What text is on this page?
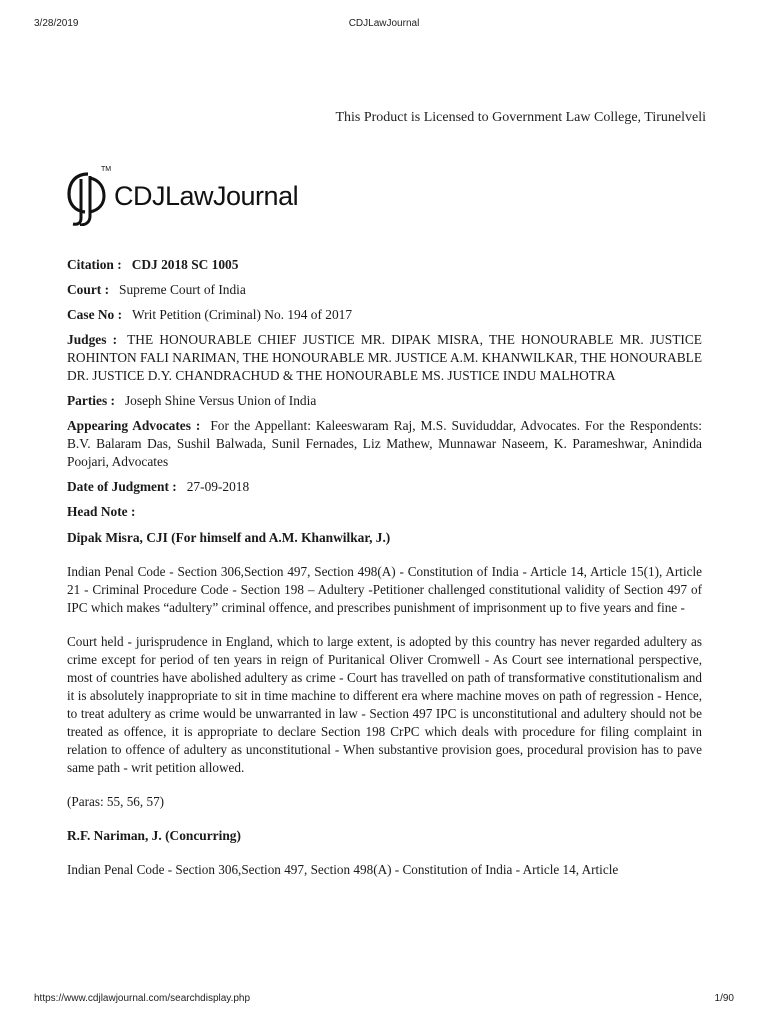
3/28/2019	CDJLawJournal
This Product is Licensed to Government Law College, Tirunelveli
TM
CDJLawJournal
Citation : CDJ 2018 SC 1005
Court : Supreme Court of India
Case No : Writ Petition (Criminal) No. 194 of 2017
Judges : THE HONOURABLE CHIEF JUSTICE MR. DIPAK MISRA, THE HONOURABLE MR. JUSTICE ROHINTON FALI NARIMAN, THE HONOURABLE MR. JUSTICE A.M. KHANWILKAR, THE HONOURABLE DR. JUSTICE D.Y. CHANDRACHUD & THE HONOURABLE MS. JUSTICE INDU MALHOTRA
Parties : Joseph Shine Versus Union of India
Appearing Advocates : For the Appellant: Kaleeswaram Raj, M.S. Suviduddar, Advocates. For the Respondents: B.V. Balaram Das, Sushil Balwada, Sunil Fernades, Liz Mathew, Munnawar Naseem, K. Parameshwar, Anindida Poojari, Advocates
Date of Judgment : 27-09-2018
Head Note :
Dipak Misra, CJI (For himself and A.M. Khanwilkar, J.)
Indian Penal Code - Section 306,Section 497, Section 498(A) - Constitution of India - Article 14, Article 15(1), Article 21 - Criminal Procedure Code - Section 198 – Adultery -Petitioner challenged constitutional validity of Section 497 of IPC which makes “adultery” criminal offence, and prescribes punishment of imprisonment up to five years and fine -
Court held - jurisprudence in England, which to large extent, is adopted by this country has never regarded adultery as crime except for period of ten years in reign of Puritanical Oliver Cromwell - As Court see international perspective, most of countries have abolished adultery as crime - Court has travelled on path of transformative constitutionalism and it is absolutely inappropriate to sit in time machine to different era where machine moves on path of regression - Hence, to treat adultery as crime would be unwarranted in law - Section 497 IPC is unconstitutional and adultery should not be treated as offence, it is appropriate to declare Section 198 CrPC which deals with procedure for filing complaint in relation to offence of adultery as unconstitutional - When substantive provision goes, procedural provision has to pave same path - writ petition allowed.
(Paras: 55, 56, 57)
R.F. Nariman, J. (Concurring)
Indian Penal Code - Section 306,Section 497, Section 498(A) - Constitution of India - Article 14, Article
https://www.cdjlawjournal.com/searchdisplay.php	1/90
